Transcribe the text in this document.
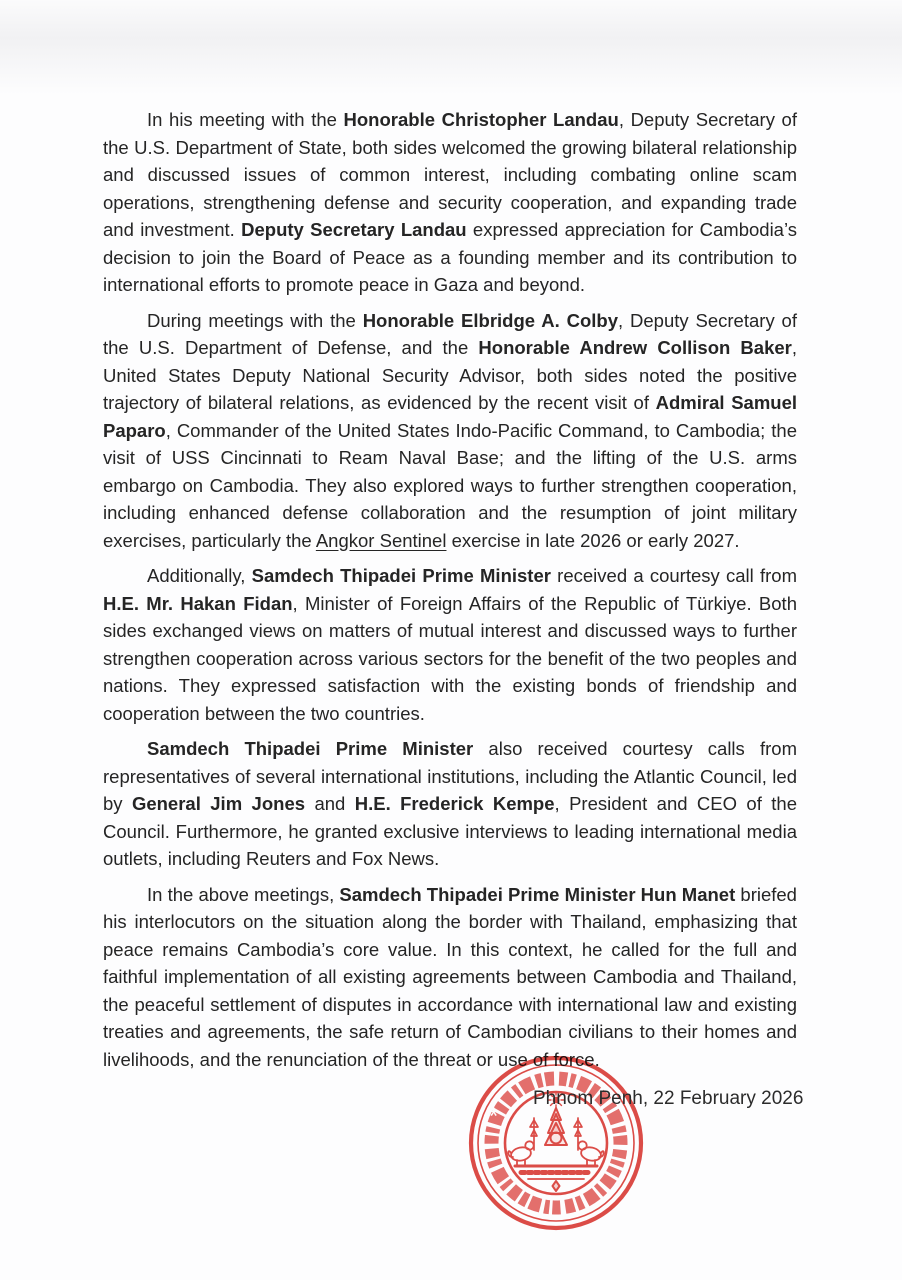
In his meeting with the Honorable Christopher Landau, Deputy Secretary of the U.S. Department of State, both sides welcomed the growing bilateral relationship and discussed issues of common interest, including combating online scam operations, strengthening defense and security cooperation, and expanding trade and investment. Deputy Secretary Landau expressed appreciation for Cambodia’s decision to join the Board of Peace as a founding member and its contribution to international efforts to promote peace in Gaza and beyond.

During meetings with the Honorable Elbridge A. Colby, Deputy Secretary of the U.S. Department of Defense, and the Honorable Andrew Collison Baker, United States Deputy National Security Advisor, both sides noted the positive trajectory of bilateral relations, as evidenced by the recent visit of Admiral Samuel Paparo, Commander of the United States Indo-Pacific Command, to Cambodia; the visit of USS Cincinnati to Ream Naval Base; and the lifting of the U.S. arms embargo on Cambodia. They also explored ways to further strengthen cooperation, including enhanced defense collaboration and the resumption of joint military exercises, particularly the Angkor Sentinel exercise in late 2026 or early 2027.

Additionally, Samdech Thipadei Prime Minister received a courtesy call from H.E. Mr. Hakan Fidan, Minister of Foreign Affairs of the Republic of Türkiye. Both sides exchanged views on matters of mutual interest and discussed ways to further strengthen cooperation across various sectors for the benefit of the two peoples and nations. They expressed satisfaction with the existing bonds of friendship and cooperation between the two countries.

Samdech Thipadei Prime Minister also received courtesy calls from representatives of several international institutions, including the Atlantic Council, led by General Jim Jones and H.E. Frederick Kempe, President and CEO of the Council. Furthermore, he granted exclusive interviews to leading international media outlets, including Reuters and Fox News.

In the above meetings, Samdech Thipadei Prime Minister Hun Manet briefed his interlocutors on the situation along the border with Thailand, emphasizing that peace remains Cambodia’s core value. In this context, he called for the full and faithful implementation of all existing agreements between Cambodia and Thailand, the peaceful settlement of disputes in accordance with international law and existing treaties and agreements, the safe return of Cambodian civilians to their homes and livelihoods, and the renunciation of the threat or use of force.

Phnom Penh, 22 February 2026
*
